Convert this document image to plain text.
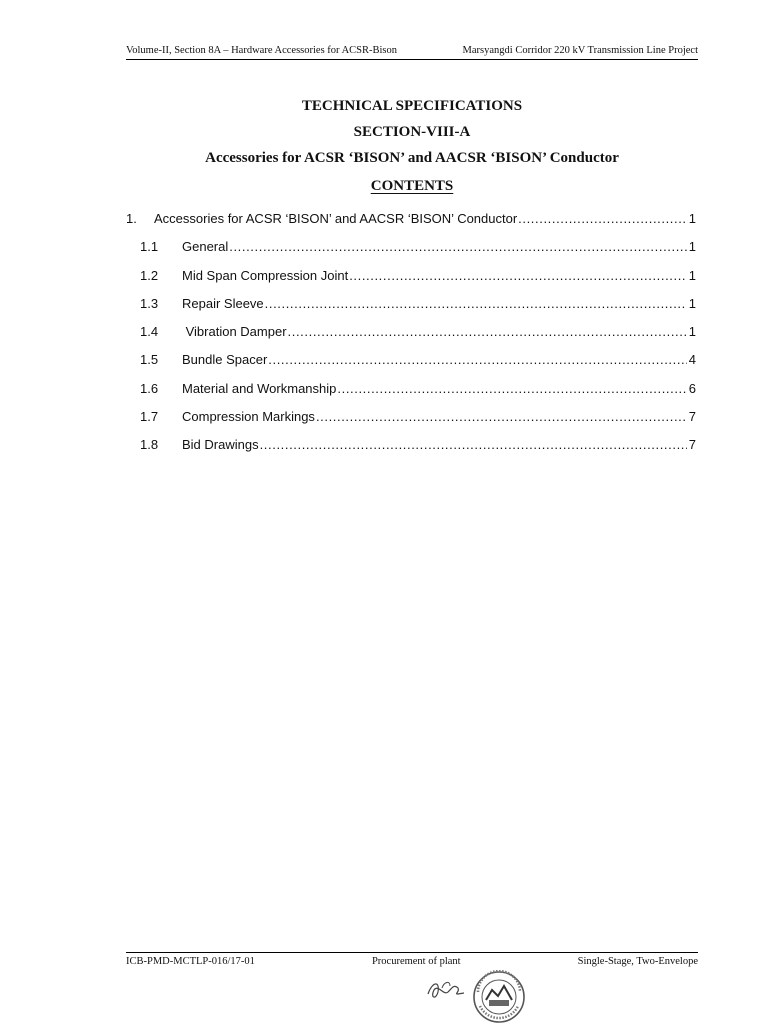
Volume-II, Section 8A – Hardware Accessories for ACSR-Bison	Marsyangdi Corridor 220 kV Transmission Line Project
TECHNICAL SPECIFICATIONS
SECTION-VIII-A
Accessories for ACSR ‘BISON’ and AACSR ‘BISON’ Conductor
CONTENTS
1.	Accessories for ACSR ‘BISON’ and AACSR ‘BISON’ Conductor .....	1
1.1	General .....	1
1.2	Mid Span Compression Joint .....	1
1.3	Repair Sleeve .....	1
1.4	Vibration Damper .....	1
1.5	Bundle Spacer .....	4
1.6	Material and Workmanship .....	6
1.7	Compression Markings .....	7
1.8	Bid Drawings .....	7
ICB-PMD-MCTLP-016/17-01	Procurement of plant	Single-Stage, Two-Envelope
